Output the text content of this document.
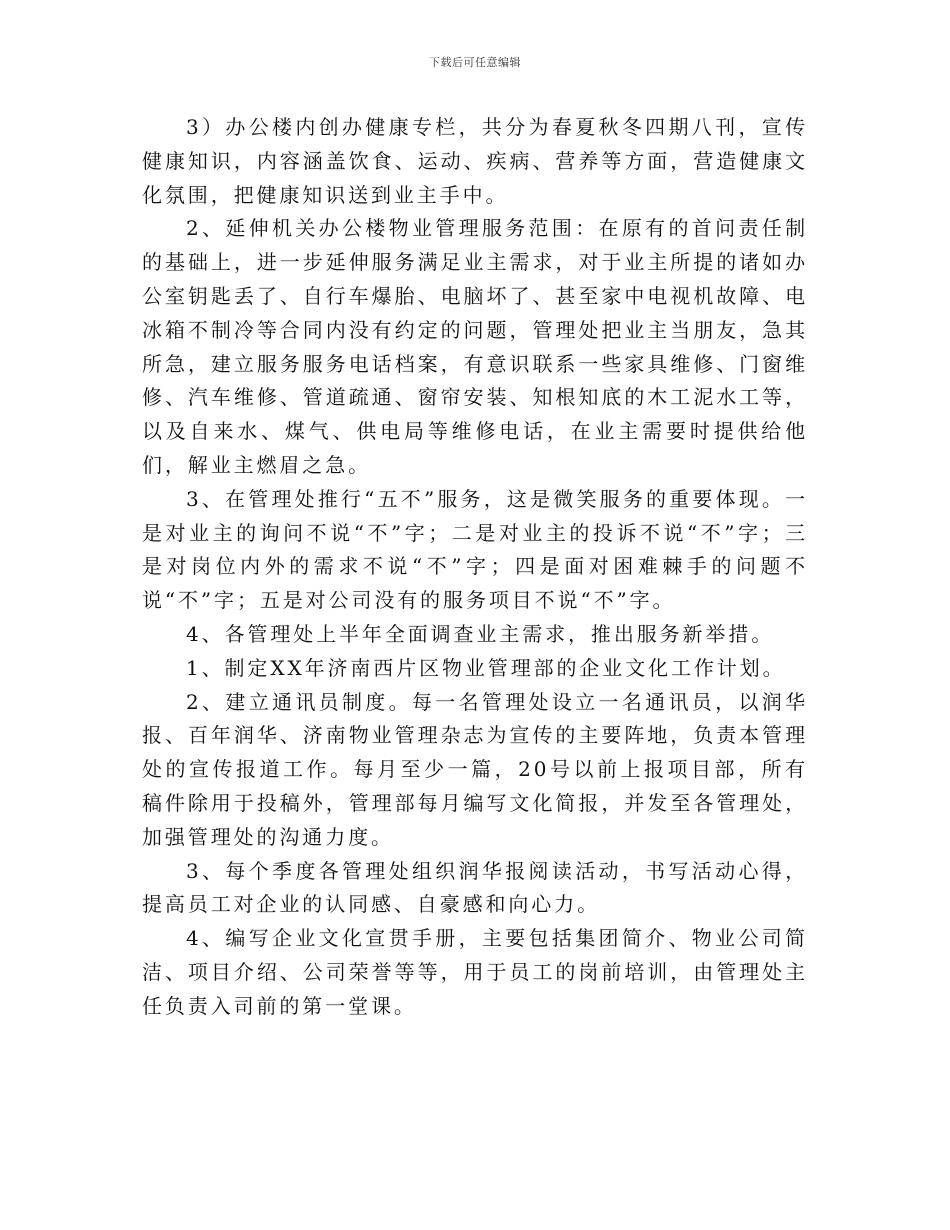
下载后可任意编辑

3）办公楼内创办健康专栏，共分为春夏秋冬四期八刊，宣传健康知识，内容涵盖饮食、运动、疾病、营养等方面，营造健康文化氛围，把健康知识送到业主手中。

2、延伸机关办公楼物业管理服务范围：在原有的首问责任制的基础上，进一步延伸服务满足业主需求，对于业主所提的诸如办公室钥匙丢了、自行车爆胎、电脑坏了、甚至家中电视机故障、电冰箱不制冷等合同内没有约定的问题，管理处把业主当朋友，急其所急，建立服务服务电话档案，有意识联系一些家具维修、门窗维修、汽车维修、管道疏通、窗帘安装、知根知底的木工泥水工等，以及自来水、煤气、供电局等维修电话，在业主需要时提供给他们，解业主燃眉之急。

3、在管理处推行“五不”服务，这是微笑服务的重要体现。一是对业主的询问不说“不”字；二是对业主的投诉不说“不”字；三是对岗位内外的需求不说“不”字；四是面对困难棘手的问题不说“不”字；五是对公司没有的服务项目不说“不”字。

4、各管理处上半年全面调查业主需求，推出服务新举措。

1、制定XX年济南西片区物业管理部的企业文化工作计划。

2、建立通讯员制度。每一名管理处设立一名通讯员，以润华报、百年润华、济南物业管理杂志为宣传的主要阵地，负责本管理处的宣传报道工作。每月至少一篇，20号以前上报项目部，所有稿件除用于投稿外，管理部每月编写文化简报，并发至各管理处，加强管理处的沟通力度。

3、每个季度各管理处组织润华报阅读活动，书写活动心得，提高员工对企业的认同感、自豪感和向心力。

4、编写企业文化宣贯手册，主要包括集团简介、物业公司简洁、项目介绍、公司荣誉等等，用于员工的岗前培训，由管理处主任负责入司前的第一堂课。
